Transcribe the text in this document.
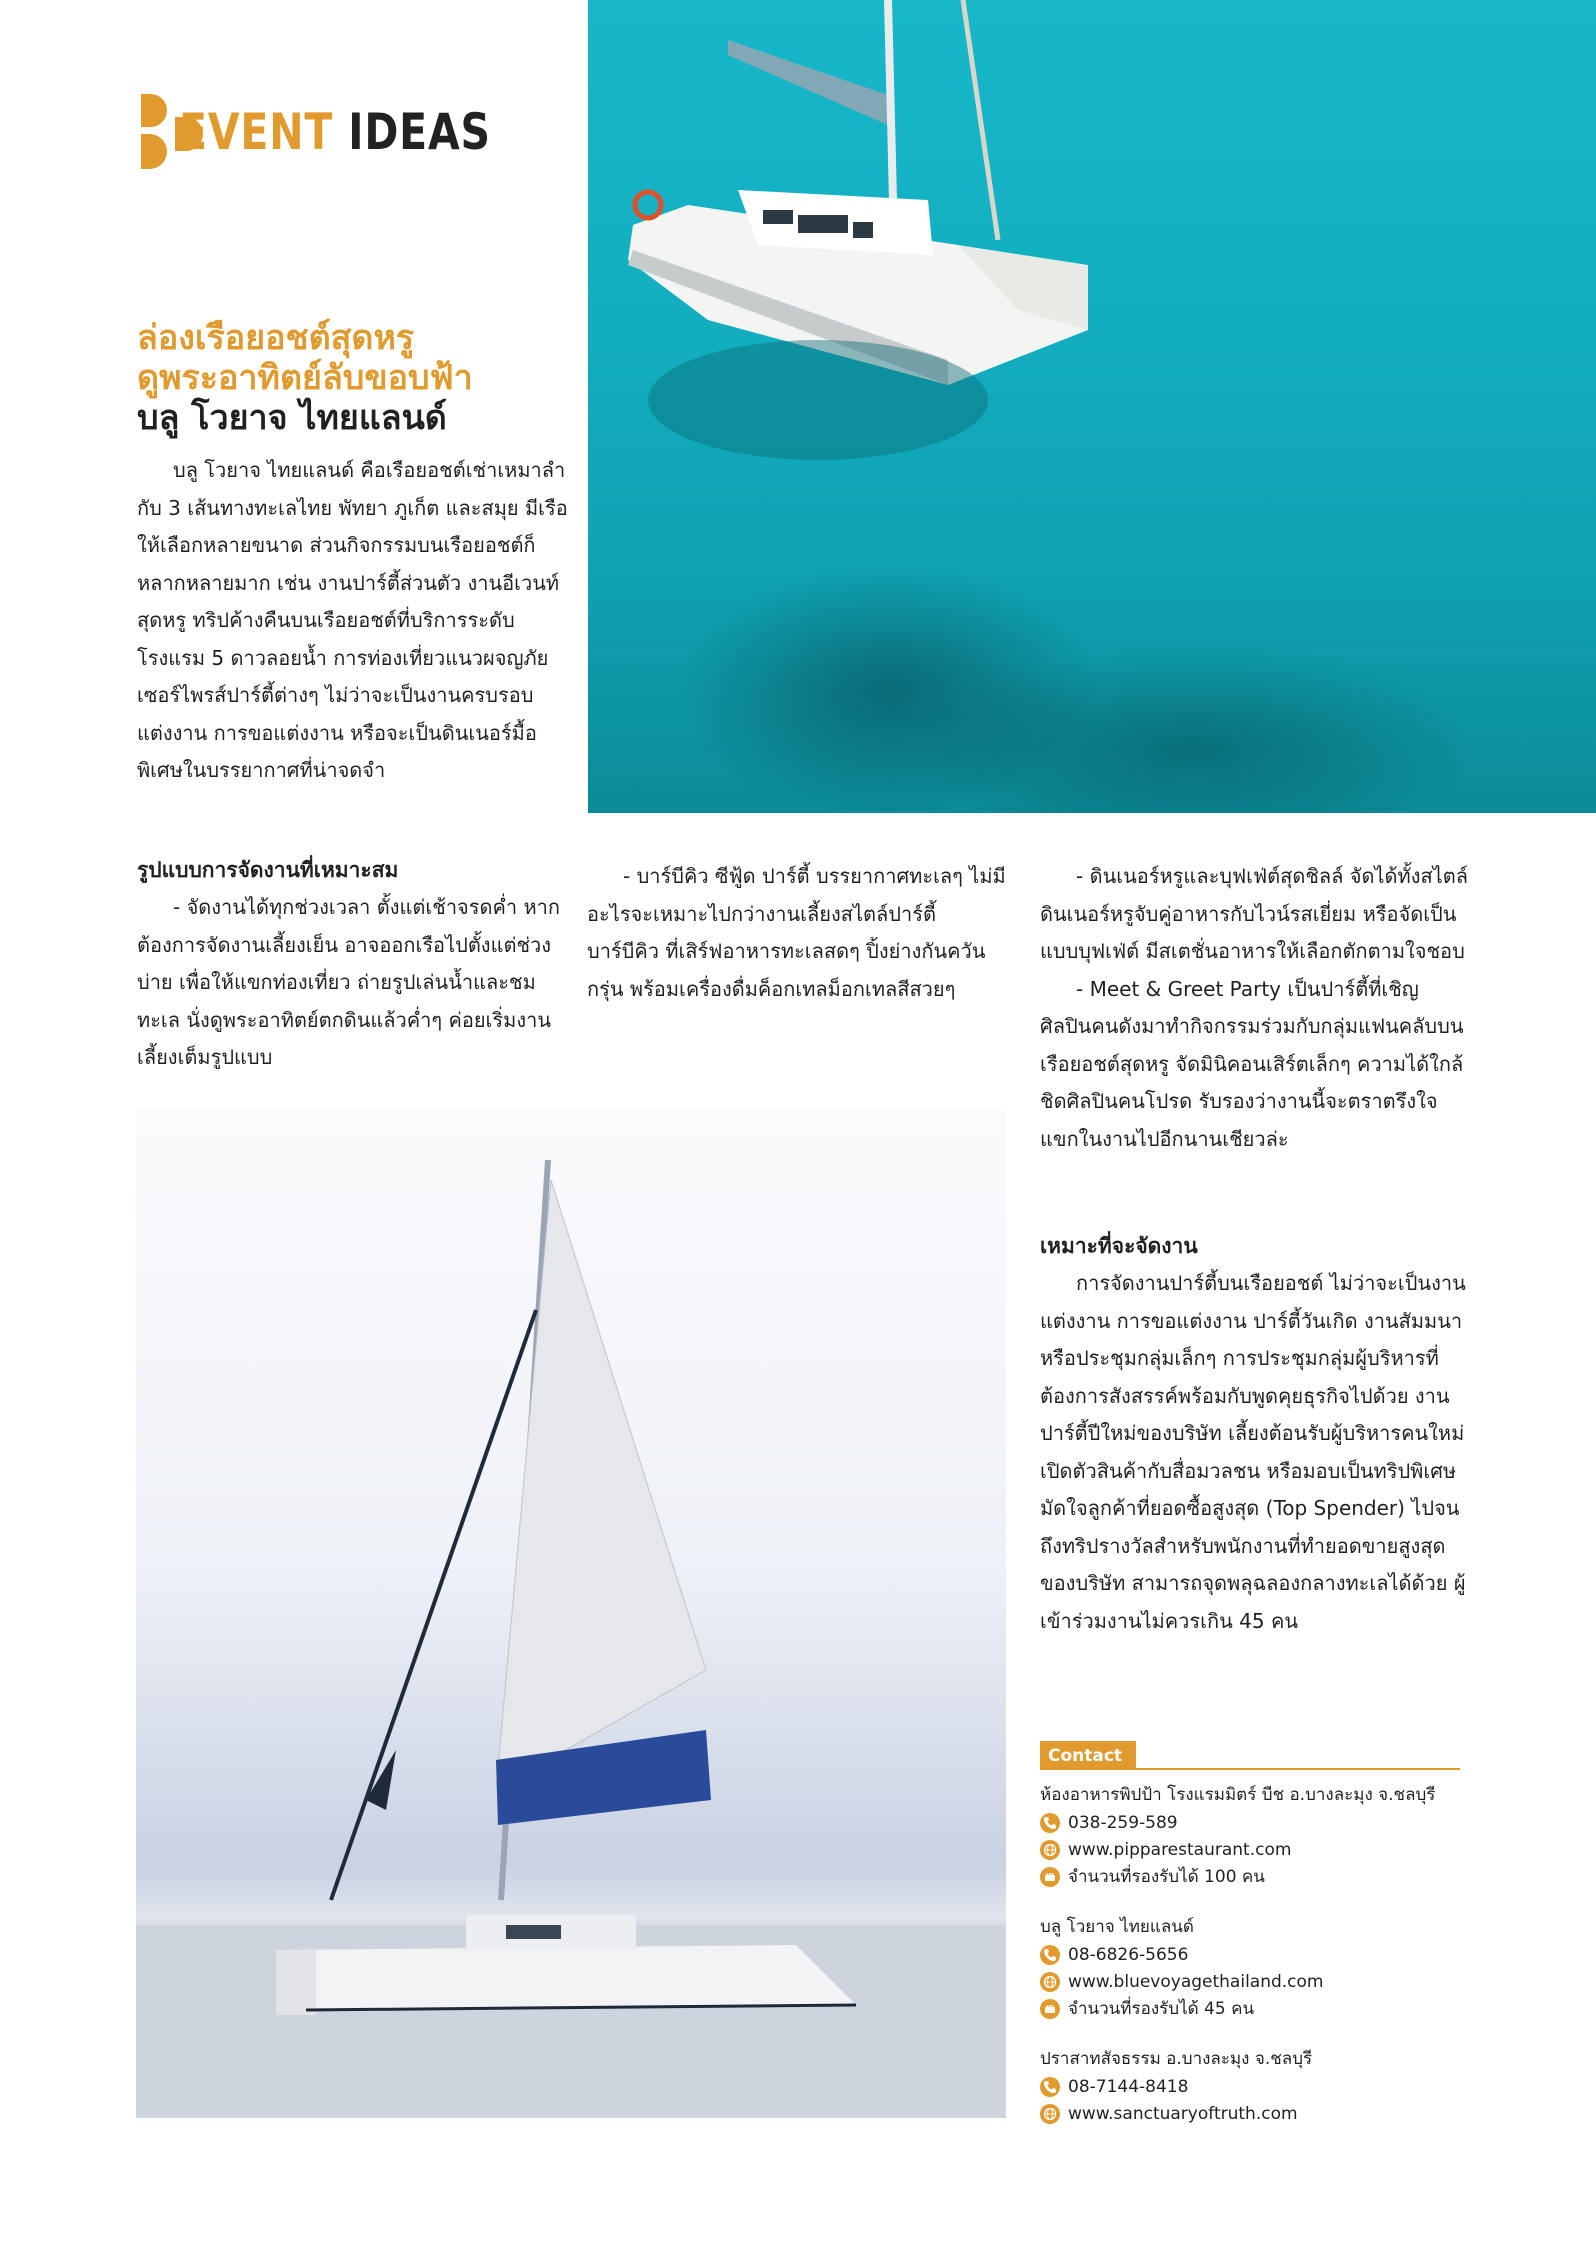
EVENT IDEAS
ล่องเรือยอชต์สุดหรู
ดูพระอาทิตย์ลับขอบฟ้า
บลู โวยาจ ไทยแลนด์

บลู โวยาจ ไทยแลนด์ คือเรือยอชต์เช่าเหมาลำ กับ 3 เส้นทางทะเลไทย พัทยา ภูเก็ต และสมุย มีเรือให้เลือกหลายขนาด ส่วนกิจกรรมบนเรือยอชต์ก็หลากหลายมาก เช่น งานปาร์ตี้ส่วนตัว งานอีเวนท์สุดหรู ทริปค้างคืนบนเรือยอชต์ที่บริการระดับโรงแรม 5 ดาวลอยน้ำ การท่องเที่ยวแนวผจญภัย เซอร์ไพรส์ปาร์ตี้ต่างๆ ไม่ว่าจะเป็นงานครบรอบแต่งงาน การขอแต่งงาน หรือจะเป็นดินเนอร์มื้อพิเศษในบรรยากาศที่น่าจดจำ

รูปแบบการจัดงานที่เหมาะสม

- จัดงานได้ทุกช่วงเวลา ตั้งแต่เช้าจรดค่ำ หากต้องการจัดงานเลี้ยงเย็น อาจออกเรือไปตั้งแต่ช่วงบ่าย เพื่อให้แขกท่องเที่ยว ถ่ายรูปเล่นน้ำและชมทะเล นั่งดูพระอาทิตย์ตกดินแล้วค่ำๆ ค่อยเริ่มงานเลี้ยงเต็มรูปแบบ

- บาร์บีคิว ซีฟู้ด ปาร์ตี้ บรรยากาศทะเลๆ ไม่มีอะไรจะเหมาะไปกว่างานเลี้ยงสไตล์ปาร์ตี้บาร์บีคิว ที่เสิร์ฟอาหารทะเลสดๆ ปิ้งย่างกันควันกรุ่น พร้อมเครื่องดื่มค็อกเทลม็อกเทลสีสวยๆ

- ดินเนอร์หรูและบุฟเฟ่ต์สุดชิลล์ จัดได้ทั้งสไตล์ดินเนอร์หรูจับคู่อาหารกับไวน์รสเยี่ยม หรือจัดเป็นแบบบุฟเฟ่ต์ มีสเตชั่นอาหารให้เลือกตักตามใจชอบ

- Meet & Greet Party เป็นปาร์ตี้ที่เชิญศิลปินคนดังมาทำกิจกรรมร่วมกับกลุ่มแฟนคลับบนเรือยอชต์สุดหรู จัดมินิคอนเสิร์ตเล็กๆ ความได้ใกล้ชิดศิลปินคนโปรด รับรองว่างานนี้จะตราตรึงใจแขกในงานไปอีกนานเชียวล่ะ

เหมาะที่จะจัดงาน

การจัดงานปาร์ตี้บนเรือยอชต์ ไม่ว่าจะเป็นงานแต่งงาน การขอแต่งงาน ปาร์ตี้วันเกิด งานสัมมนาหรือประชุมกลุ่มเล็กๆ การประชุมกลุ่มผู้บริหารที่ต้องการสังสรรค์พร้อมกับพูดคุยธุรกิจไปด้วย งานปาร์ตี้ปีใหม่ของบริษัท เลี้ยงต้อนรับผู้บริหารคนใหม่ เปิดตัวสินค้ากับสื่อมวลชน หรือมอบเป็นทริปพิเศษมัดใจลูกค้าที่ยอดซื้อสูงสุด (Top Spender) ไปจนถึงทริปรางวัลสำหรับพนักงานที่ทำยอดขายสูงสุดของบริษัท สามารถจุดพลุฉลองกลางทะเลได้ด้วย ผู้เข้าร่วมงานไม่ควรเกิน 45 คน

Contact
ห้องอาหารพิปป้า โรงแรมมิตร์ บีช อ.บางละมุง จ.ชลบุรี
038-259-589
www.pipparestaurant.com
จำนวนที่รองรับได้ 100 คน
บลู โวยาจ ไทยแลนด์
08-6826-5656
www.bluevoyagethailand.com
จำนวนที่รองรับได้ 45 คน
ปราสาทสัจธรรม อ.บางละมุง จ.ชลบุรี
08-7144-8418
www.sanctuaryoftruth.com
